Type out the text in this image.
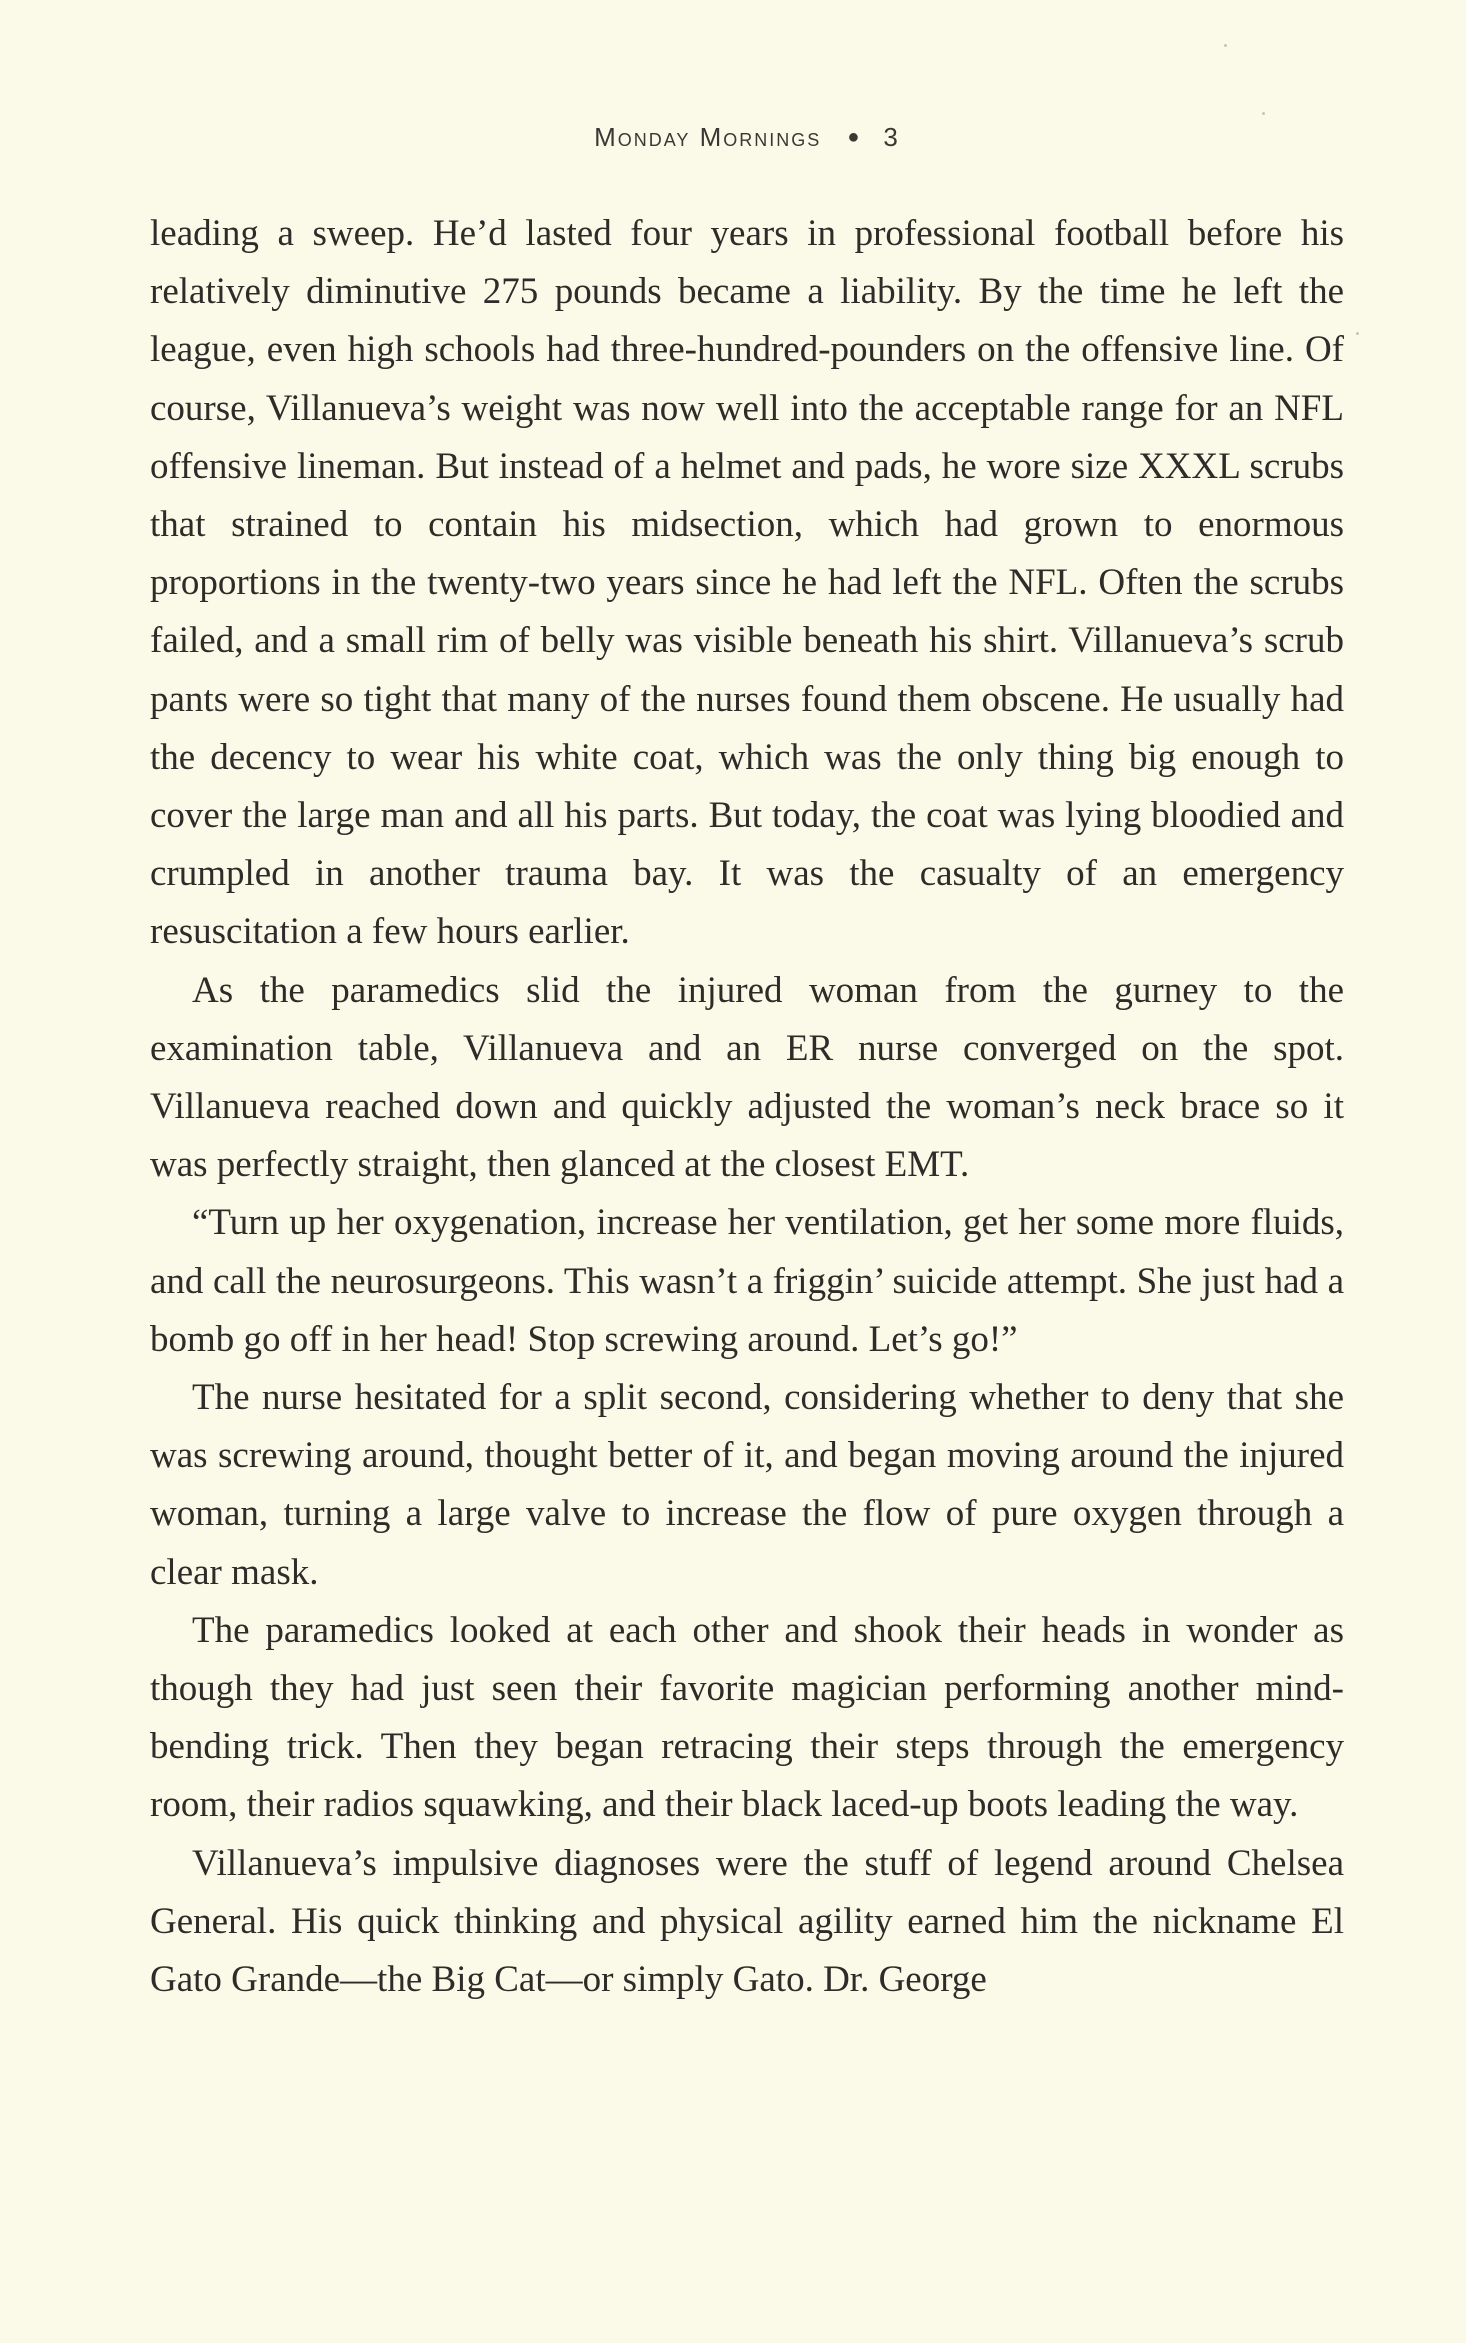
Monday Mornings ● 3

leading a sweep. He’d lasted four years in professional football before his relatively diminutive 275 pounds became a liability. By the time he left the league, even high schools had three-hundred-pounders on the offensive line. Of course, Villanueva’s weight was now well into the acceptable range for an NFL offensive lineman. But instead of a helmet and pads, he wore size XXXL scrubs that strained to contain his midsection, which had grown to enormous proportions in the twenty-two years since he had left the NFL. Often the scrubs failed, and a small rim of belly was visible beneath his shirt. Villanueva’s scrub pants were so tight that many of the nurses found them obscene. He usually had the decency to wear his white coat, which was the only thing big enough to cover the large man and all his parts. But today, the coat was lying bloodied and crumpled in another trauma bay. It was the casualty of an emergency resuscitation a few hours earlier.

As the paramedics slid the injured woman from the gurney to the examination table, Villanueva and an ER nurse converged on the spot. Villanueva reached down and quickly adjusted the woman’s neck brace so it was perfectly straight, then glanced at the closest EMT.

“Turn up her oxygenation, increase her ventilation, get her some more fluids, and call the neurosurgeons. This wasn’t a friggin’ suicide attempt. She just had a bomb go off in her head! Stop screwing around. Let’s go!”

The nurse hesitated for a split second, considering whether to deny that she was screwing around, thought better of it, and began moving around the injured woman, turning a large valve to increase the flow of pure oxygen through a clear mask.

The paramedics looked at each other and shook their heads in wonder as though they had just seen their favorite magician performing another mind-bending trick. Then they began retracing their steps through the emergency room, their radios squawking, and their black laced-up boots leading the way.

Villanueva’s impulsive diagnoses were the stuff of legend around Chelsea General. His quick thinking and physical agility earned him the nickname El Gato Grande—the Big Cat—or simply Gato. Dr. George
